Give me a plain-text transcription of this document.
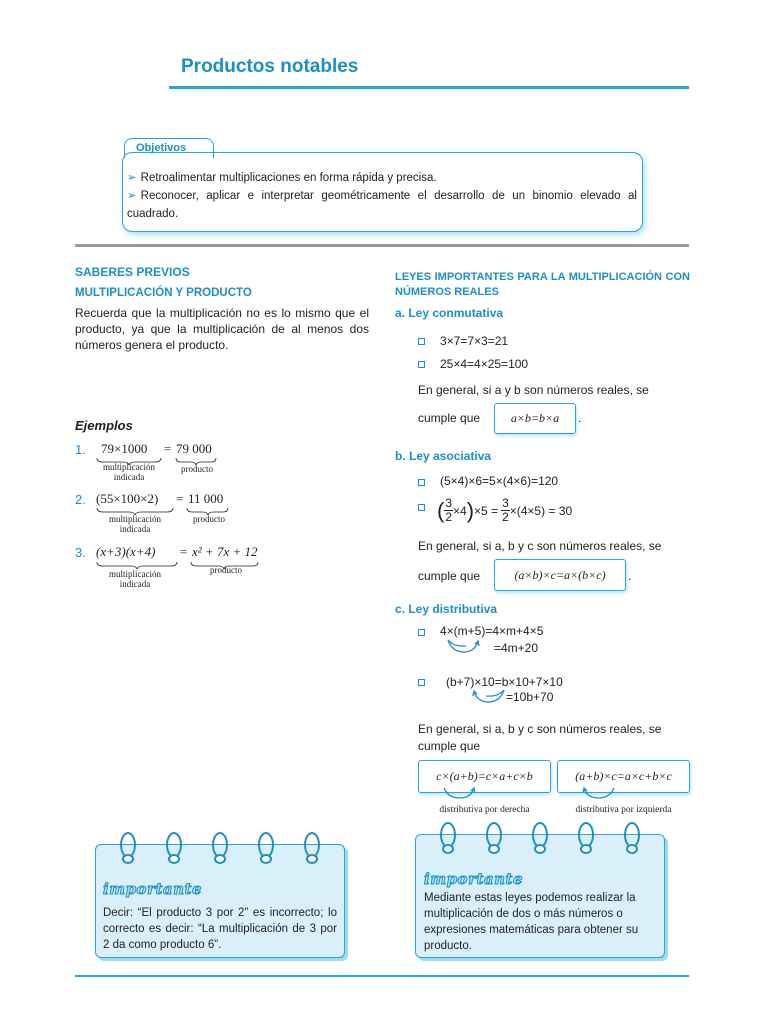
Productos notables
Objetivos
➢ Retroalimentar multiplicaciones en forma rápida y precisa.
➢ Reconocer, aplicar e interpretar geométricamente el desarrollo de un binomio elevado al cuadrado.
SABERES PREVIOS
MULTIPLICACIÓN Y PRODUCTO
Recuerda que la multiplicación no es lo mismo que el producto, ya que la multiplicación de al menos dos números genera el producto.
Ejemplos
1. 79×1000 = 79 000
multiplicación indicada
producto
2. (55×100×2) = 11 000
multiplicación indicada
producto
3. (x+3)(x+4) = x² + 7x + 12
multiplicación indicada
producto
importante
Decir: “El producto 3 por 2” es incorrecto; lo correcto es decir: “La multiplicación de 3 por 2 da como producto 6”.
LEYES IMPORTANTES PARA LA MULTIPLICACIÓN CON NÚMEROS REALES
a. Ley conmutativa
3×7=7×3=21
25×4=4×25=100
En general, si a y b son números reales, se
cumple que	a×b=b×a	.
b. Ley asociativa
(5×4)×6=5×(4×6)=120
( $\frac{3}{2} \times 4$ ) $\times 5 = \frac{3}{2} \times(4\times 5) = 30$
En general, si a, b y c son números reales, se
cumple que	(a×b)×c=a×(b×c)	.
c. Ley distributiva
4×(m+5)=4×m+4×5
=4m+20
(b+7)×10=b×10+7×10
=10b+70
En general, si a, b y c son números reales, se
cumple que
c×(a+b)=c×a+c×b	(a+b)×c=a×c+b×c
distributiva por derecha	distributiva por izquierda
importante
Mediante estas leyes podemos realizar la multiplicación de dos o más números o expresiones matemáticas para obtener su producto.
